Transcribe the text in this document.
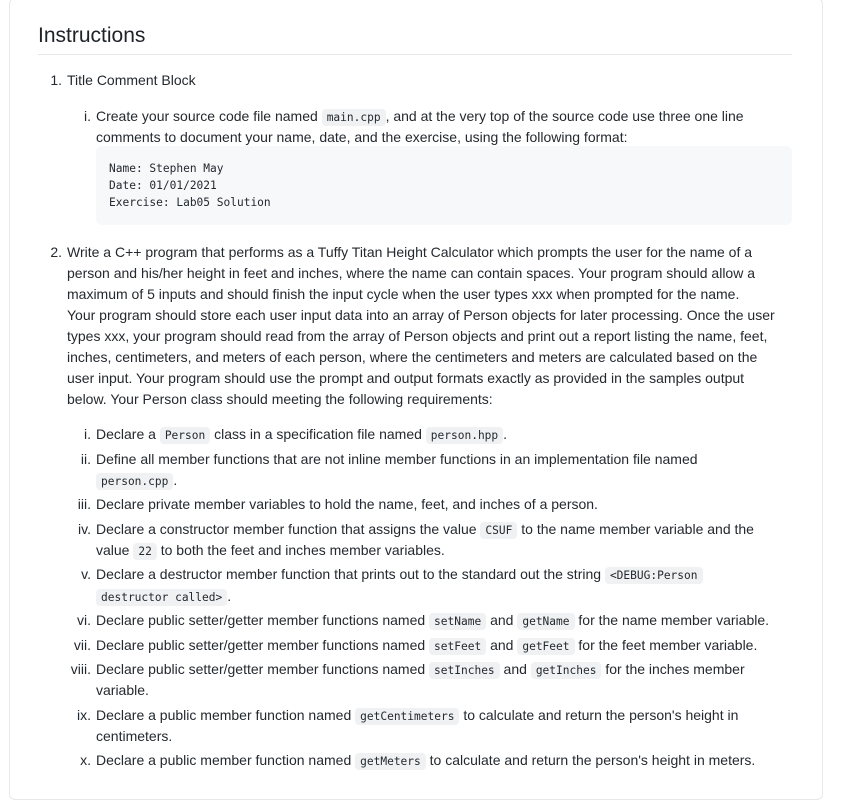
Instructions
1. Title Comment Block
i. Create your source code file named main.cpp , and at the very top of the source code use three one line
comments to document your name, date, and the exercise, using the following format:
Name: Stephen May
Date: 01/01/2021
Exercise: Lab05 Solution
2. Write a C++ program that performs as a Tuffy Titan Height Calculator which prompts the user for the name of a
person and his/her height in feet and inches, where the name can contain spaces. Your program should allow a
maximum of 5 inputs and should finish the input cycle when the user types xxx when prompted for the name.
Your program should store each user input data into an array of Person objects for later processing. Once the user
types xxx, your program should read from the array of Person objects and print out a report listing the name, feet,
inches, centimeters, and meters of each person, where the centimeters and meters are calculated based on the
user input. Your program should use the prompt and output formats exactly as provided in the samples output
below. Your Person class should meeting the following requirements:
i. Declare a Person class in a specification file named person.hpp .
ii. Define all member functions that are not inline member functions in an implementation file named
person.cpp .
iii. Declare private member variables to hold the name, feet, and inches of a person.
iv. Declare a constructor member function that assigns the value CSUF to the name member variable and the
value 22 to both the feet and inches member variables.
v. Declare a destructor member function that prints out to the standard out the string <DEBUG:Person
destructor called> .
vi. Declare public setter/getter member functions named setName and getName for the name member variable.
vii. Declare public setter/getter member functions named setFeet and getFeet for the feet member variable.
viii. Declare public setter/getter member functions named setInches and getInches for the inches member
variable.
ix. Declare a public member function named getCentimeters to calculate and return the person's height in
centimeters.
x. Declare a public member function named getMeters to calculate and return the person's height in meters.
